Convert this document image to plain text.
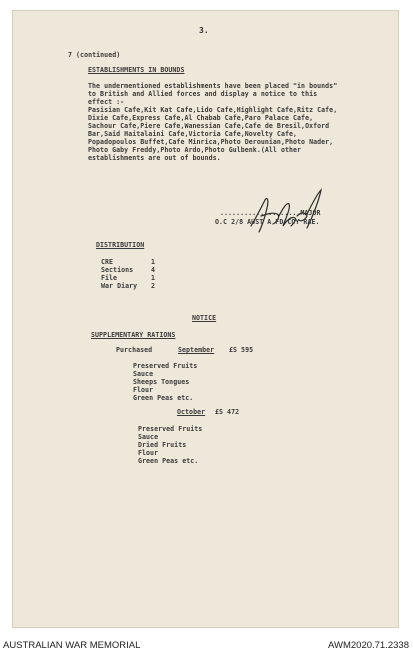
3.
7 (continued)
ESTABLISHMENTS IN BOUNDS
The undermentioned establishments have been placed "in bounds"
to British and Allied forces and display a notice to this
effect :-
Pasisian Cafe,Kit Kat Cafe,Lido Cafe,Highlight Cafe,Ritz Cafe,
Dixie Cafe,Express Cafe,Al Chabab Cafe,Paro Palace Cafe,
Sachour Cafe,Piere Cafe,Wanessian Cafe,Cafe de Bresil,Oxford
Bar,Said Haitalaini Cafe,Victoria Cafe,Novelty Cafe,
Popadopoulos Buffet,Cafe Minrica,Photo Derounian,Photo Nader,
Photo Gaby Freddy,Photo Ardo,Photo Gulbenk.(All other
establishments are out of bounds.
....................MAJOR
O.C 2/8 AUST A FD COY RAE.
DISTRIBUTION
CRE	1
Sections	4
File	1
War Diary 2
NOTICE
SUPPLEMENTARY RATIONS
Purchased	September £S 595
Preserved Fruits
Sauce
Sheeps Tongues
Flour
Green Peas etc.
October £S 472
Preserved Fruits
Sauce
Dried Fruits
Flour
Green Peas etc.
AUSTRALIAN WAR MEMORIAL	AWM2020.71.2338
